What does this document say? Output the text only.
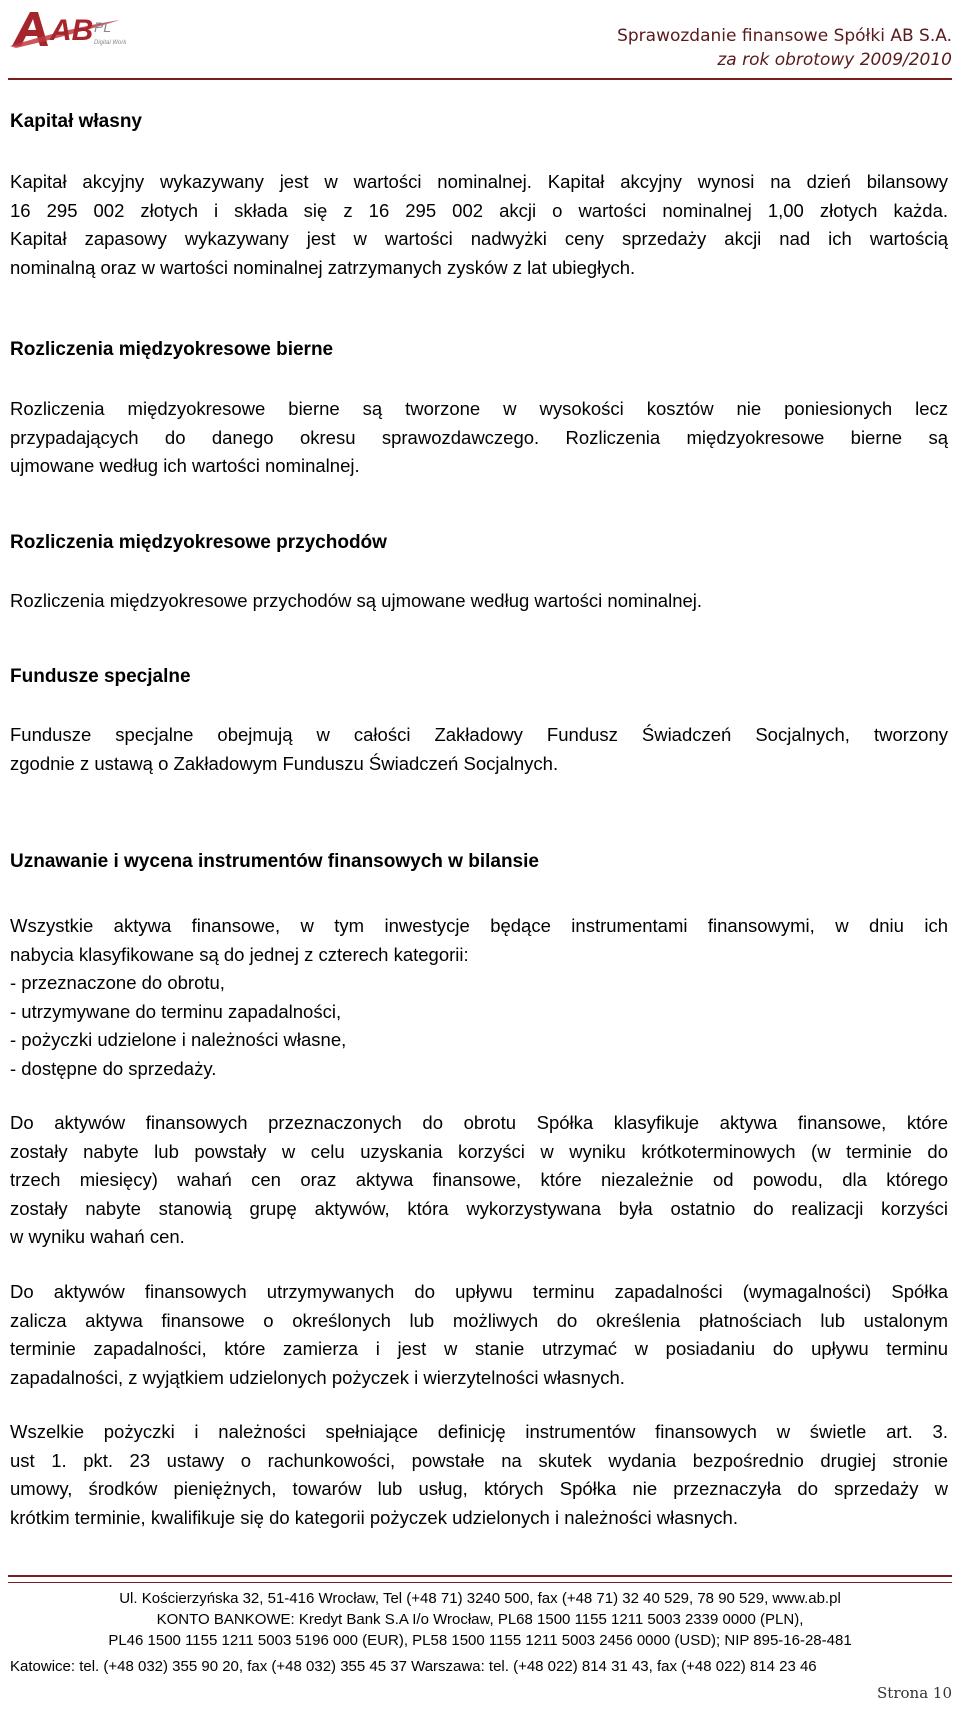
AB PL
Digital World	Sprawozdanie finansowe Spółki AB S.A.
za rok obrotowy 2009/2010
Kapitał własny
Kapitał akcyjny wykazywany jest w wartości nominalnej. Kapitał akcyjny wynosi na dzień bilansowy
16 295 002 złotych i składa się z 16 295 002 akcji o wartości nominalnej 1,00 złotych każda.
Kapitał zapasowy wykazywany jest w wartości nadwyżki ceny sprzedaży akcji nad ich wartością
nominalną oraz w wartości nominalnej zatrzymanych zysków z lat ubiegłych.
Rozliczenia międzyokresowe bierne
Rozliczenia międzyokresowe bierne są tworzone w wysokości kosztów nie poniesionych lecz
przypadających do danego okresu sprawozdawczego. Rozliczenia międzyokresowe bierne są
ujmowane według ich wartości nominalnej.
Rozliczenia międzyokresowe przychodów
Rozliczenia międzyokresowe przychodów są ujmowane według wartości nominalnej.
Fundusze specjalne
Fundusze specjalne obejmują w całości Zakładowy Fundusz Świadczeń Socjalnych, tworzony
zgodnie z ustawą o Zakładowym Funduszu Świadczeń Socjalnych.
Uznawanie i wycena instrumentów finansowych w bilansie
Wszystkie aktywa finansowe, w tym inwestycje będące instrumentami finansowymi, w dniu ich
nabycia klasyfikowane są do jednej z czterech kategorii:
- przeznaczone do obrotu,
- utrzymywane do terminu zapadalności,
- pożyczki udzielone i należności własne,
- dostępne do sprzedaży.
Do aktywów finansowych przeznaczonych do obrotu Spółka klasyfikuje aktywa finansowe, które
zostały nabyte lub powstały w celu uzyskania korzyści w wyniku krótkoterminowych (w terminie do
trzech miesięcy) wahań cen oraz aktywa finansowe, które niezależnie od powodu, dla którego
zostały nabyte stanowią grupę aktywów, która wykorzystywana była ostatnio do realizacji korzyści
w wyniku wahań cen.
Do aktywów finansowych utrzymywanych do upływu terminu zapadalności (wymagalności) Spółka
zalicza aktywa finansowe o określonych lub możliwych do określenia płatnościach lub ustalonym
terminie zapadalności, które zamierza i jest w stanie utrzymać w posiadaniu do upływu terminu
zapadalności, z wyjątkiem udzielonych pożyczek i wierzytelności własnych.
Wszelkie pożyczki i należności spełniające definicję instrumentów finansowych w świetle art. 3.
ust 1. pkt. 23 ustawy o rachunkowości, powstałe na skutek wydania bezpośrednio drugiej stronie
umowy, środków pieniężnych, towarów lub usług, których Spółka nie przeznaczyła do sprzedaży w
krótkim terminie, kwalifikuje się do kategorii pożyczek udzielonych i należności własnych.
Ul. Kościerzyńska 32, 51-416 Wrocław, Tel (+48 71) 3240 500, fax (+48 71) 32 40 529, 78 90 529, www.ab.pl
KONTO BANKOWE: Kredyt Bank S.A I/o Wrocław, PL68 1500 1155 1211 5003 2339 0000 (PLN),
PL46 1500 1155 1211 5003 5196 000 (EUR), PL58 1500 1155 1211 5003 2456 0000 (USD); NIP 895-16-28-481
Katowice: tel. (+48 032) 355 90 20, fax (+48 032) 355 45 37 Warszawa: tel. (+48 022) 814 31 43, fax (+48 022) 814 23 46
Strona 10
